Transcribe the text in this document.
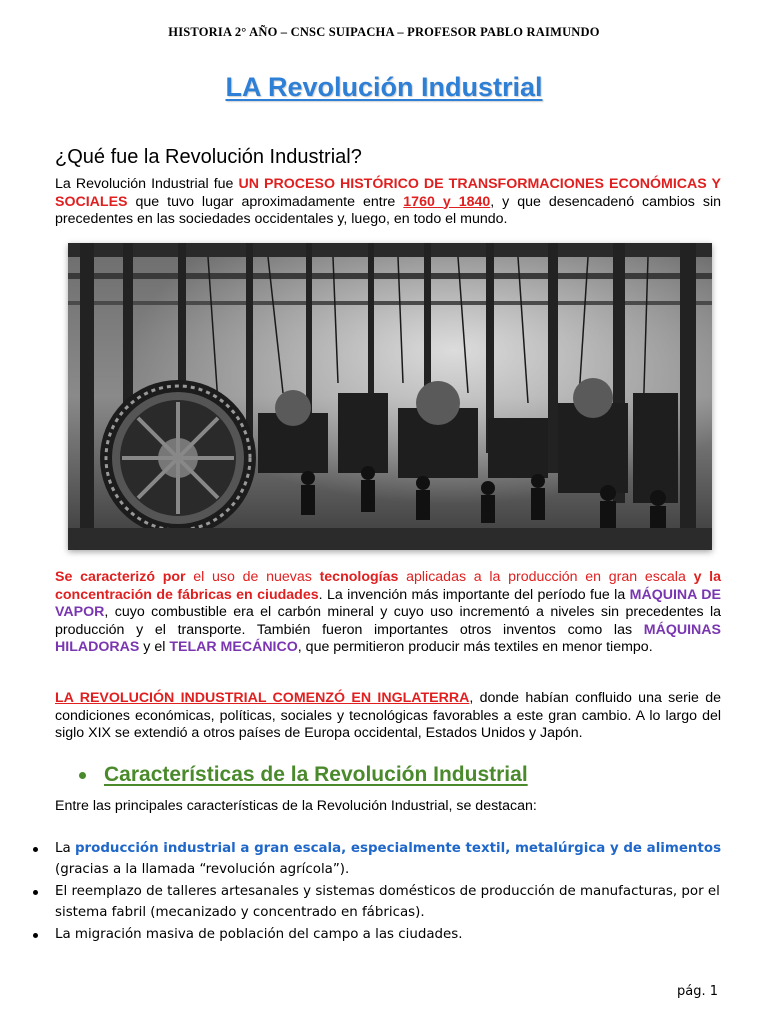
HISTORIA 2° AÑO – CNSC SUIPACHA – PROFESOR PABLO RAIMUNDO
LA Revolución Industrial
¿Qué fue la Revolución Industrial?
La Revolución Industrial fue UN PROCESO HISTÓRICO DE TRANSFORMACIONES ECONÓMICAS Y SOCIALES que tuvo lugar aproximadamente entre 1760 y 1840, y que desencadenó cambios sin precedentes en las sociedades occidentales y, luego, en todo el mundo.
Se caracterizó por el uso de nuevas tecnologías aplicadas a la producción en gran escala y la concentración de fábricas en ciudades. La invención más importante del período fue la MÁQUINA DE VAPOR, cuyo combustible era el carbón mineral y cuyo uso incrementó a niveles sin precedentes la producción y el transporte. También fueron importantes otros inventos como las MÁQUINAS HILADORAS y el TELAR MECÁNICO, que permitieron producir más textiles en menor tiempo.
LA REVOLUCIÓN INDUSTRIAL COMENZÓ EN INGLATERRA, donde habían confluido una serie de condiciones económicas, políticas, sociales y tecnológicas favorables a este gran cambio. A lo largo del siglo XIX se extendió a otros países de Europa occidental, Estados Unidos y Japón.
Características de la Revolución Industrial
Entre las principales características de la Revolución Industrial, se destacan:
La producción industrial a gran escala, especialmente textil, metalúrgica y de alimentos (gracias a la llamada “revolución agrícola”).
El reemplazo de talleres artesanales y sistemas domésticos de producción de manufacturas, por el sistema fabril (mecanizado y concentrado en fábricas).
La migración masiva de población del campo a las ciudades.
pág. 1
